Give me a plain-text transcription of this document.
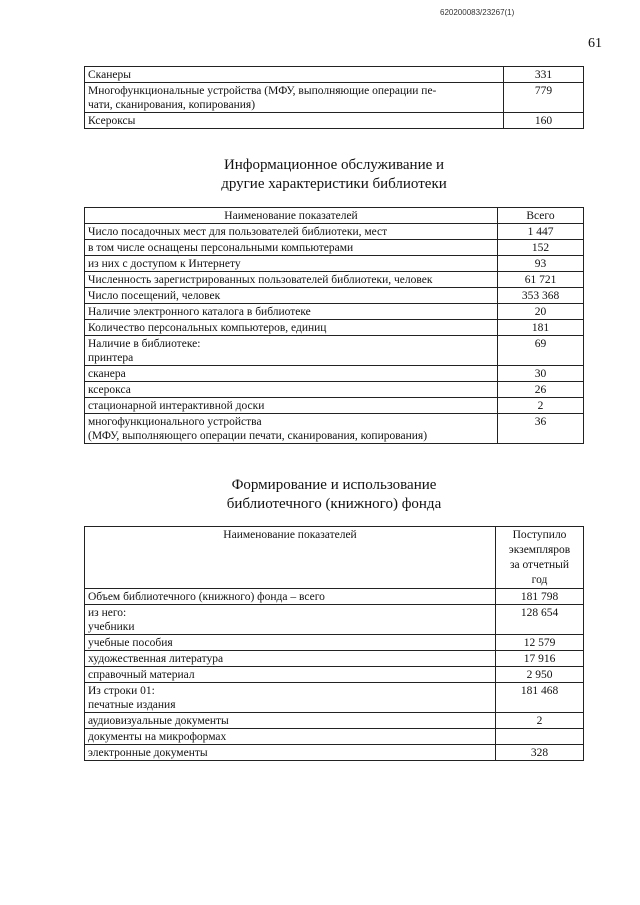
620200083/23267(1)
61
Сканеры	331
Многофункциональные устройства (МФУ, выполняющие операции пе-
чати, сканирования, копирования)	779
Ксероксы	160
Информационное обслуживание и
другие характеристики библиотеки
Наименование показателей	Всего
Число посадочных мест для пользователей библиотеки, мест	1 447
в том числе оснащены персональными компьютерами	152
из них с доступом к Интернету	93
Численность зарегистрированных пользователей библиотеки, человек	61 721
Число посещений, человек	353 368
Наличие электронного каталога в библиотеке	20
Количество персональных компьютеров, единиц	181
Наличие в библиотеке:
принтера	69
сканера	30
ксерокса	26
стационарной интерактивной доски	2
многофункционального устройства
(МФУ, выполняющего операции печати, сканирования, копирования)	36
Формирование и использование
библиотечного (книжного) фонда
Наименование показателей	Поступило
экземпляров
за отчетный
год

Объем библиотечного (книжного) фонда – всего	181 798
из него:
учебники	128 654
учебные пособия	12 579
художественная литература	17 916
справочный материал	2 950
Из строки 01:
печатные издания	181 468
аудиовизуальные документы	2
документы на микроформах	
электронные документы	328
